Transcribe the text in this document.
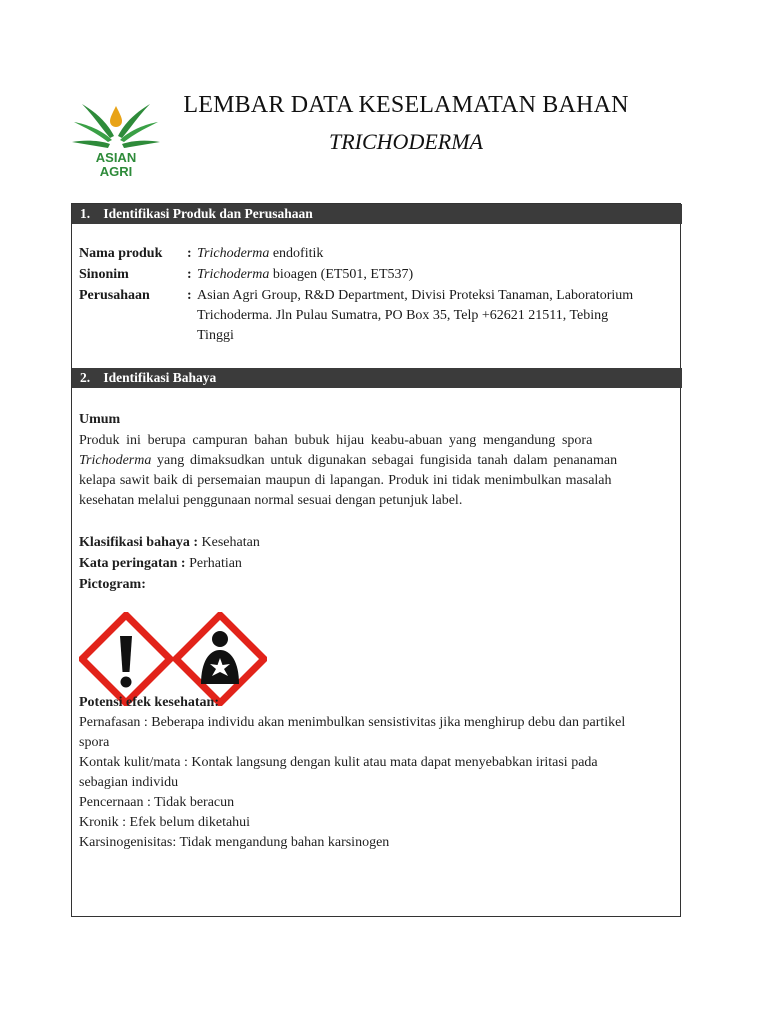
ASIAN
AGRI
LEMBAR DATA KESELAMATAN BAHAN
TRICHODERMA
1. Identifikasi Produk dan Perusahaan
Nama produk : Trichoderma endofitik
Sinonim	: Trichoderma bioagen (ET501, ET537)
Perusahaan	: Asian Agri Group, R&D Department, Divisi Proteksi Tanaman, Laboratorium
Trichoderma. Jln Pulau Sumatra, PO Box 35, Telp +62621 21511, Tebing
Tinggi
2. Identifikasi Bahaya
Umum
Produk ini berupa campuran bahan bubuk hijau keabu-abuan yang mengandung spora
Trichoderma yang dimaksudkan untuk digunakan sebagai fungisida tanah dalam penanaman
kelapa sawit baik di persemaian maupun di lapangan. Produk ini tidak menimbulkan masalah
kesehatan melalui penggunaan normal sesuai dengan petunjuk label.
Klasifikasi bahaya : Kesehatan
Kata peringatan : Perhatian
Pictogram:
Potensi efek kesehatan:
Pernafasan : Beberapa individu akan menimbulkan sensistivitas jika menghirup debu dan partikel
spora
Kontak kulit/mata : Kontak langsung dengan kulit atau mata dapat menyebabkan iritasi pada
sebagian individu
Pencernaan : Tidak beracun
Kronik : Efek belum diketahui
Karsinogenisitas: Tidak mengandung bahan karsinogen
